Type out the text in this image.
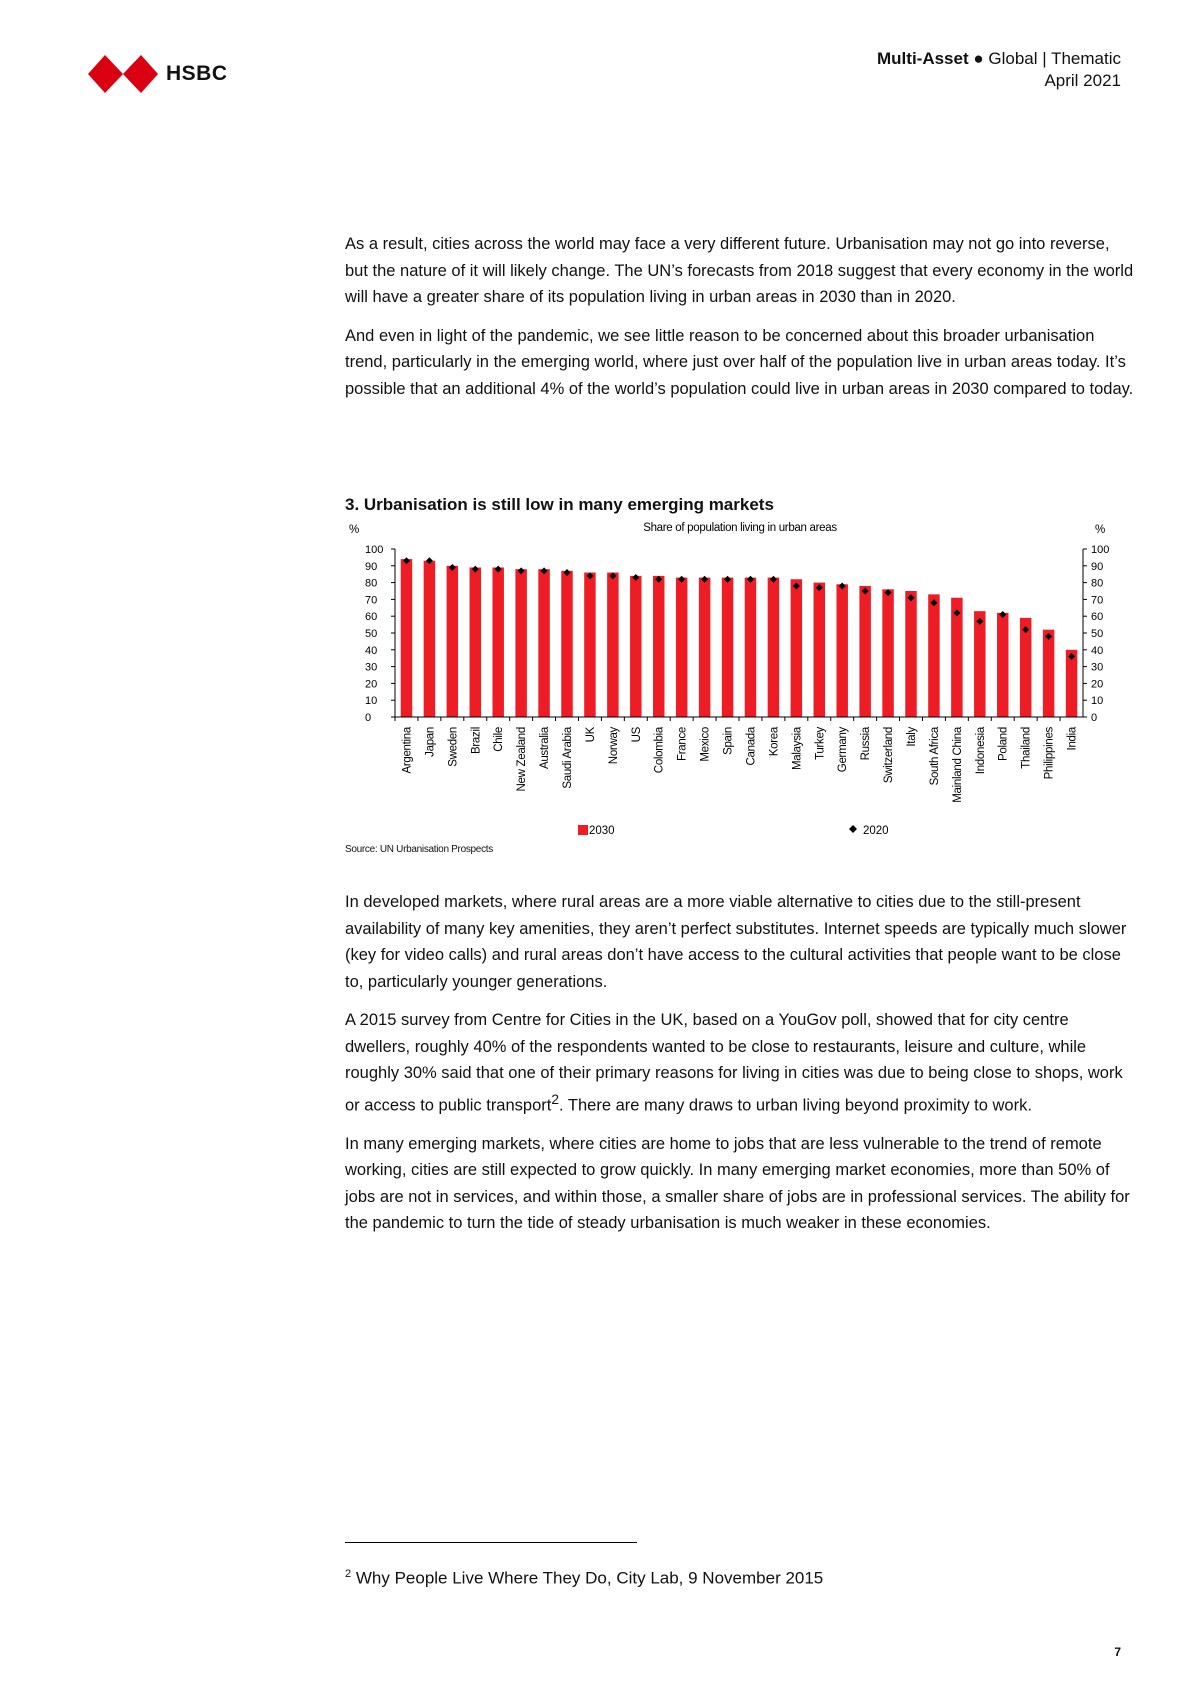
HSBC
Multi-Asset ● Global | Thematic
April 2021

As a result, cities across the world may face a very different future. Urbanisation may not go into reverse, but the nature of it will likely change. The UN’s forecasts from 2018 suggest that every economy in the world will have a greater share of its population living in urban areas in 2030 than in 2020.

And even in light of the pandemic, we see little reason to be concerned about this broader urbanisation trend, particularly in the emerging world, where just over half of the population live in urban areas today. It’s possible that an additional 4% of the world’s population could live in urban areas in 2030 compared to today.

3. Urbanisation is still low in many emerging markets
Share of population living in urban areas
%	%
0	0
10	10
20	20
30	30
40	40
50	50
60	60
70	70
80	80
90	90
100	100
Argentina Japan Sweden Brazil Chile New Zealand Australia Saudi Arabia UK Norway US Colombia France Mexico Spain Canada Korea Malaysia Turkey Germany Russia Switzerland Italy South Africa Mainland China Indonesia Poland Thailand Philippines India
2030	2020
Source: UN Urbanisation Prospects

In developed markets, where rural areas are a more viable alternative to cities due to the still-present availability of many key amenities, they aren’t perfect substitutes. Internet speeds are typically much slower (key for video calls) and rural areas don’t have access to the cultural activities that people want to be close to, particularly younger generations.

A 2015 survey from Centre for Cities in the UK, based on a YouGov poll, showed that for city centre dwellers, roughly 40% of the respondents wanted to be close to restaurants, leisure and culture, while roughly 30% said that one of their primary reasons for living in cities was due to being close to shops, work or access to public transport$^2$. There are many draws to urban living beyond proximity to work.

In many emerging markets, where cities are home to jobs that are less vulnerable to the trend of remote working, cities are still expected to grow quickly. In many emerging market economies, more than 50% of jobs are not in services, and within those, a smaller share of jobs are in professional services. The ability for the pandemic to turn the tide of steady urbanisation is much weaker in these economies.

$^2$ Why People Live Where They Do, City Lab, 9 November 2015
7
